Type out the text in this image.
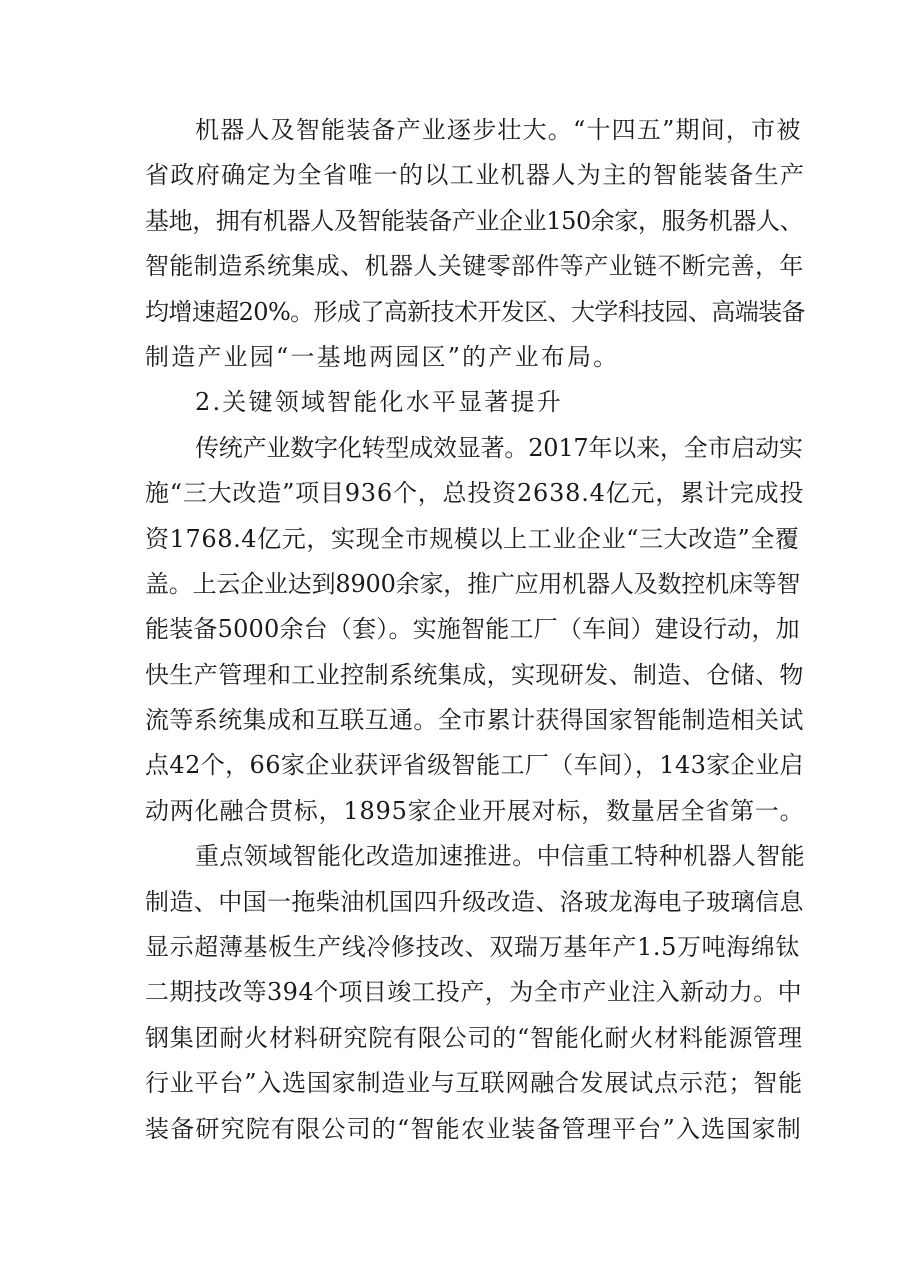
机器人及智能装备产业逐步壮大。“十四五”期间，市被
省政府确定为全省唯一的以工业机器人为主的智能装备生产
基地，拥有机器人及智能装备产业企业150余家，服务机器人、
智能制造系统集成、机器人关键零部件等产业链不断完善，年
均增速超20%。形成了高新技术开发区、大学科技园、高端装备
制造产业园“一基地两园区”的产业布局。
2.关键领域智能化水平显著提升
传统产业数字化转型成效显著。2017年以来，全市启动实
施“三大改造”项目936个，总投资2638.4亿元，累计完成投
资1768.4亿元，实现全市规模以上工业企业“三大改造”全覆
盖。上云企业达到8900余家，推广应用机器人及数控机床等智
能装备5000余台（套）。实施智能工厂（车间）建设行动，加
快生产管理和工业控制系统集成，实现研发、制造、仓储、物
流等系统集成和互联互通。全市累计获得国家智能制造相关试
点42个，66家企业获评省级智能工厂（车间），143家企业启
动两化融合贯标，1895家企业开展对标，数量居全省第一。
重点领域智能化改造加速推进。中信重工特种机器人智能
制造、中国一拖柴油机国四升级改造、洛玻龙海电子玻璃信息
显示超薄基板生产线冷修技改、双瑞万基年产1.5万吨海绵钛
二期技改等394个项目竣工投产，为全市产业注入新动力。中
钢集团耐火材料研究院有限公司的“智能化耐火材料能源管理
行业平台”入选国家制造业与互联网融合发展试点示范；智能
装备研究院有限公司的“智能农业装备管理平台”入选国家制
